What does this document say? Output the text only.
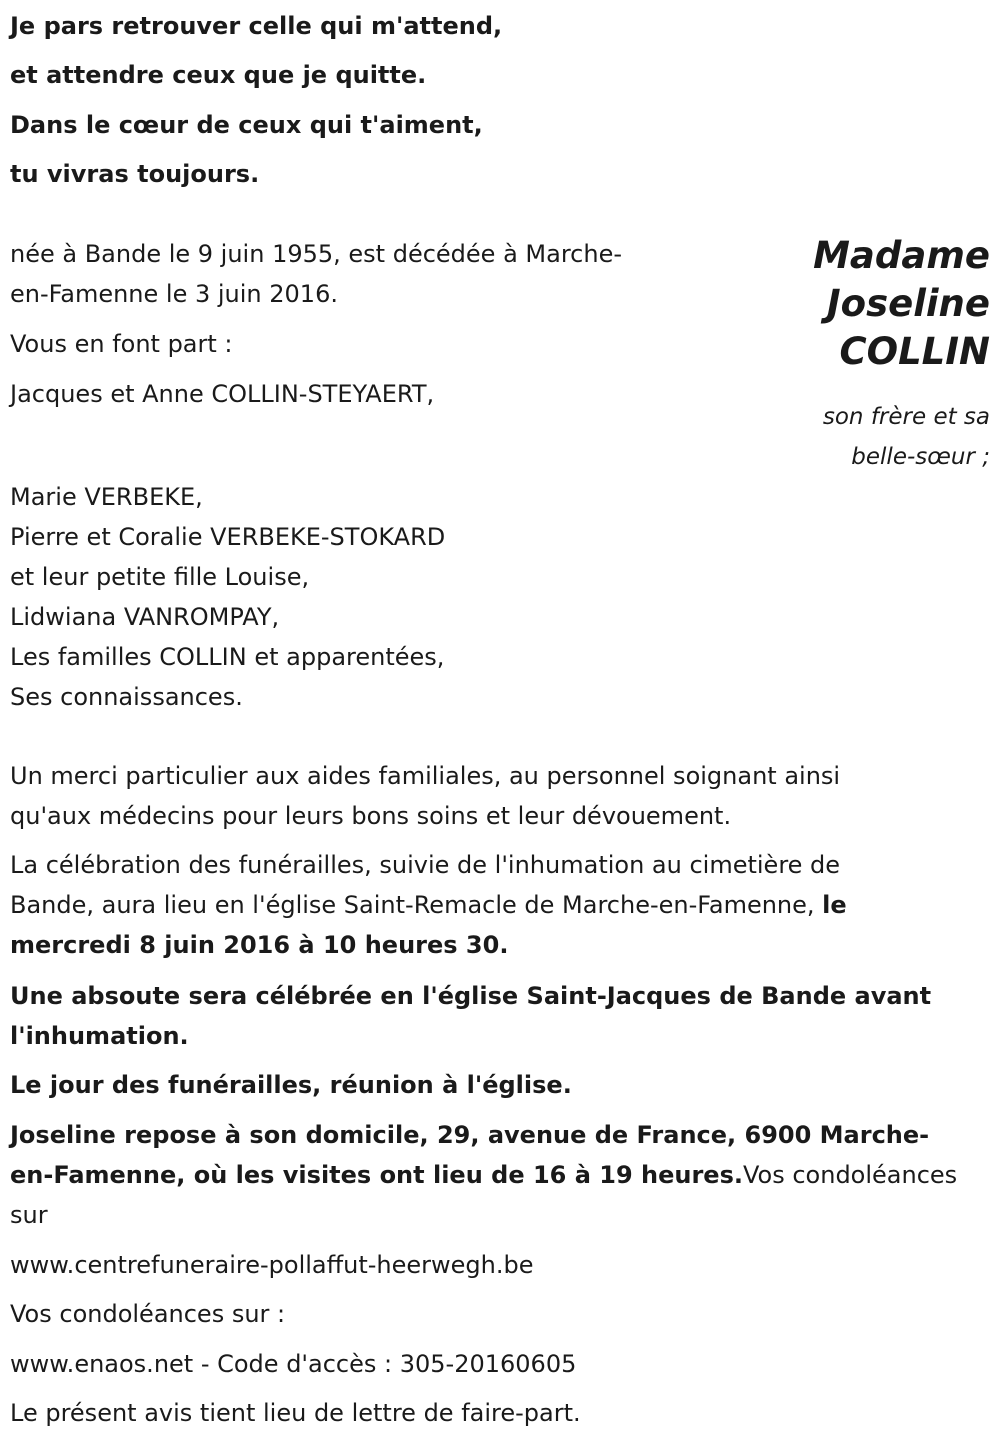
Je pars retrouver celle qui m'attend,
et attendre ceux que je quitte.
Dans le cœur de ceux qui t'aiment,
tu vivras toujours.
Madame
Joseline
COLLIN
née à Bande le 9 juin 1955, est décédée à Marche-
en-Famenne le 3 juin 2016.
Vous en font part :
Jacques et Anne COLLIN-STEYAERT,
son frère et sa
belle-sœur ;
Marie VERBEKE,
Pierre et Coralie VERBEKE-STOKARD
et leur petite fille Louise,
Lidwiana VANROMPAY,
Les familles COLLIN et apparentées,
Ses connaissances.
Un merci particulier aux aides familiales, au personnel soignant ainsi
qu'aux médecins pour leurs bons soins et leur dévouement.
La célébration des funérailles, suivie de l'inhumation au cimetière de
Bande, aura lieu en l'église Saint-Remacle de Marche-en-Famenne, le
mercredi 8 juin 2016 à 10 heures 30.
Une absoute sera célébrée en l'église Saint-Jacques de Bande avant
l'inhumation.
Le jour des funérailles, réunion à l'église.
Joseline repose à son domicile, 29, avenue de France, 6900 Marche-
en-Famenne, où les visites ont lieu de 16 à 19 heures.Vos condoléances
sur
www.centrefuneraire-pollaffut-heerwegh.be
Vos condoléances sur :
www.enaos.net - Code d'accès : 305-20160605
Le présent avis tient lieu de lettre de faire-part.
